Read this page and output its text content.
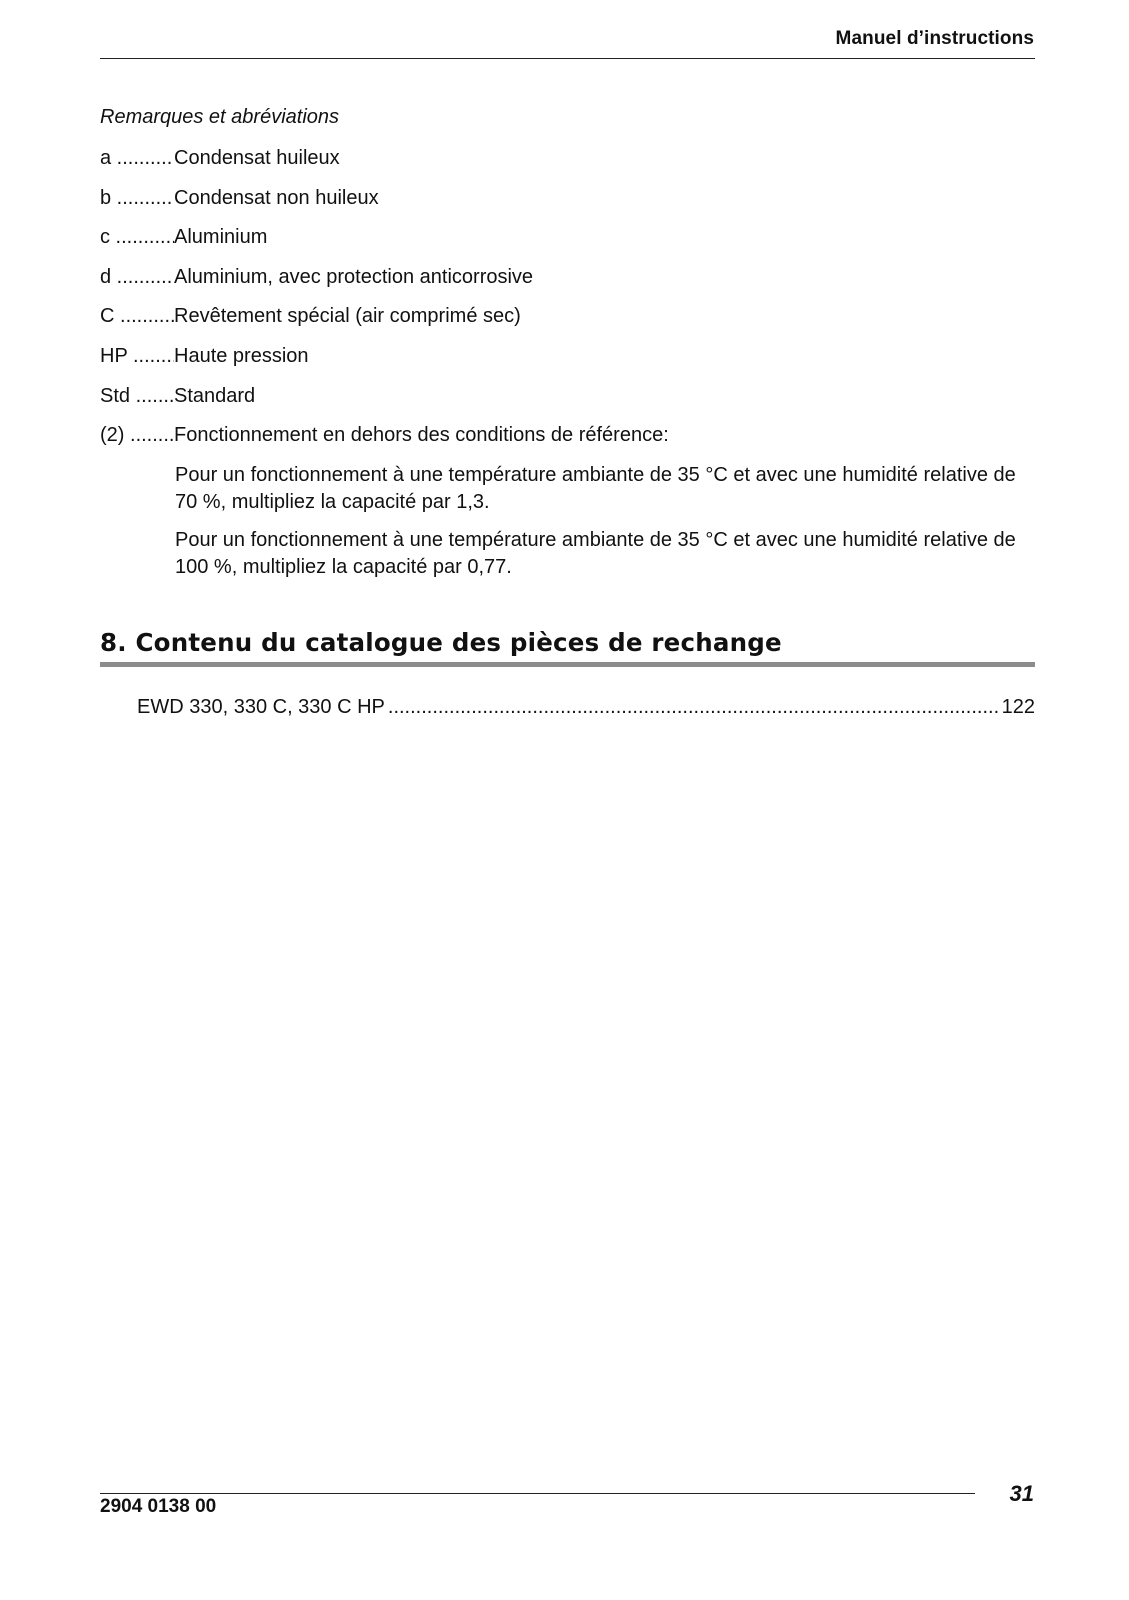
Manuel d’instructions
Remarques et abréviations
a .....	Condensat huileux
b .....	Condensat non huileux
c .....	Aluminium
d .....	Aluminium, avec protection anticorrosive
C .....	Revêtement spécial (air comprimé sec)
HP .....	Haute pression
Std .....	Standard
(2) .....	Fonctionnement en dehors des conditions de référence:

Pour un fonctionnement à une température ambiante de 35 °C et avec une humidité relative de 70 %, multipliez la capacité par 1,3.

Pour un fonctionnement à une température ambiante de 35 °C et avec une humidité relative de 100 %, multipliez la capacité par 0,77.

8. Contenu du catalogue des pièces de rechange
EWD 330, 330 C, 330 C HP
.....	122
2904 0138 00
31
